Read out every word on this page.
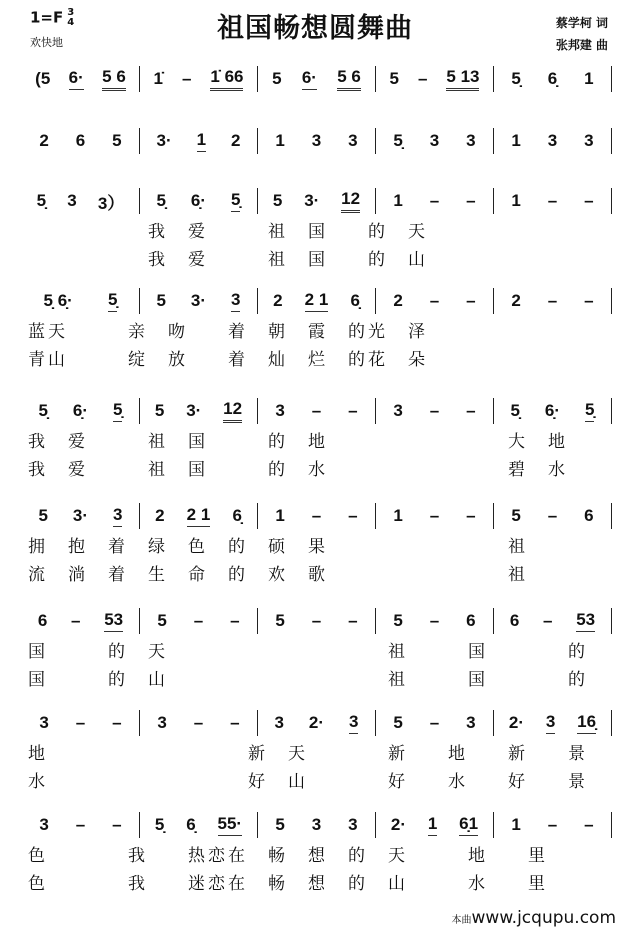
1=F 3
4
欢快地	祖国畅想圆舞曲	蔡学柯 词
张邦建 曲
(5 6· 5 6 1̇ – 1̇ 66 5 6· 5 6 5 – 5 13 5̣ 6̣ 1
2 6 5 3· 1 2 1 3 3 5̣ 3 3 1 3 3
5̣ 3 3） 5̣ 6̣· 5̣ 5 3· 12 1 – – 1 – –
　　　　　　我　爱　　　祖　国　　的　天
　　　　　　我　爱　　　祖　国　　的　山
5̣ 6̣· 5̣ 5 3· 3 2 2 1 6̣ 2 – – 2 – –
蓝天　　　亲　吻　　着　朝　霞　的光　泽
青山　　　绽　放　　着　灿　烂　的花　朵
5̣ 6̣· 5̣ 5 3· 12 3 – – 3 – – 5̣ 6̣· 5̣
我　爱　　　祖　国　　　的　地　　　　　　　　　大　地
我　爱　　　祖　国　　　的　水　　　　　　　　　碧　水
5 3· 3 2 2 1 6̣ 1 – – 1 – – 5 – 6
拥　抱　着　绿　色　的　硕　果　　　　　　　　　祖
流　淌　着　生　命　的　欢　歌　　　　　　　　　祖
6 – 53 5 – – 5 – – 5 – 6 6 – 53
国　　　的　天　　　　　　　　　　　祖　　　国　　　　的
国　　　的　山　　　　　　　　　　　祖　　　国　　　　的
3 – – 3 – – 3 2· 3 5 – 3 2· 3 16̣
地　　　　　　　　　　新　天　　　　新　　地　　新　　景
水　　　　　　　　　　好　山　　　　好　　水　　好　　景
3 – – 5̣ 6̣ 55· 5 3 3 2· 1 6̣1 1 – –
色　　　　我　　热恋在　畅　想　的　天　　　地　　里
色　　　　我　　迷恋在　畅　想　的　山　　　水　　里
本曲www.jcqupu.com
